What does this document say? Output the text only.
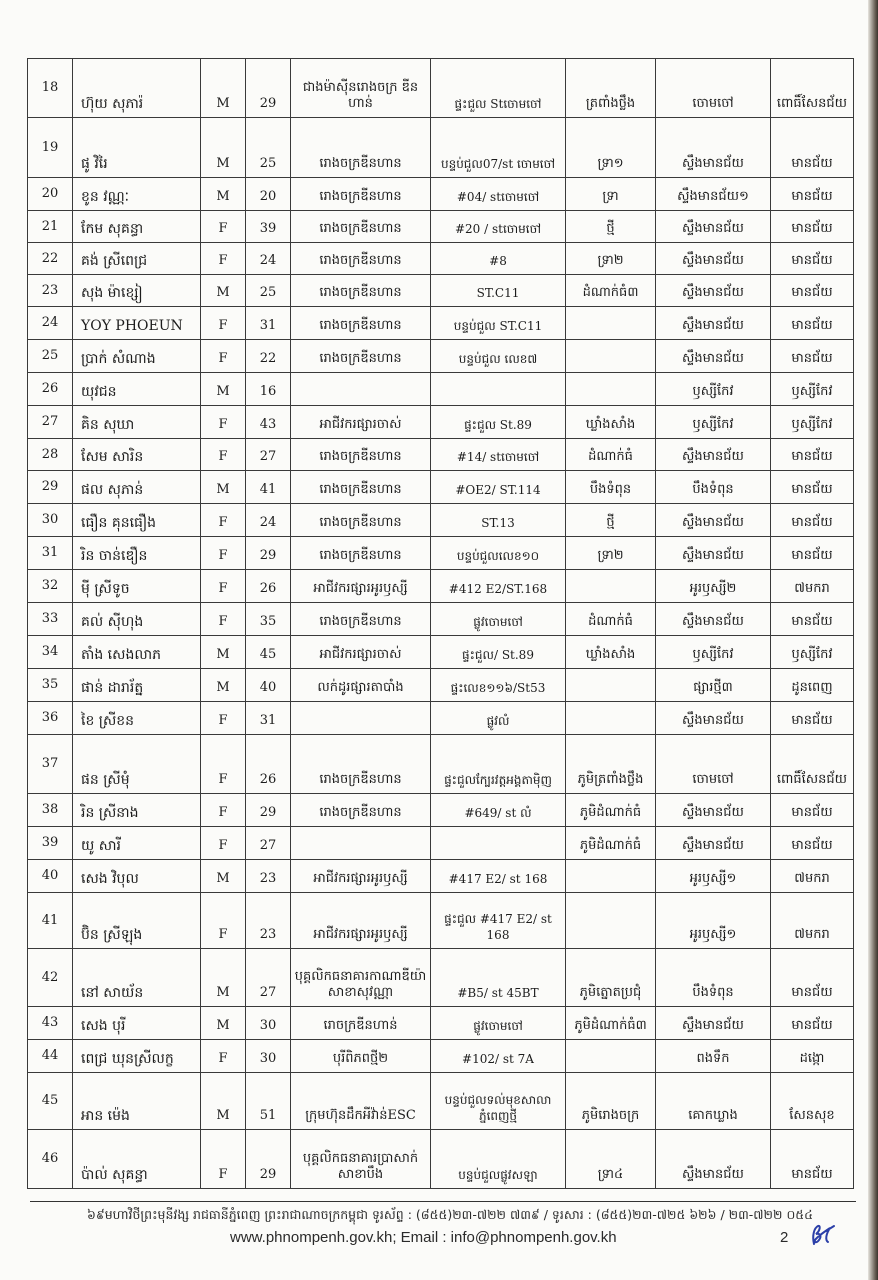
18	ហ៊ុយ សុភារ៉	M	29	ជាងម៉ាស៊ីនរោងចក្រ ឌីនហាន់	ផ្ទះជួល Stចោមចៅ	ត្រពាំងថ្លឹង	ចោមចៅ	ពោធិ៍សែនជ័យ
19	ផូ វិរៃ	M	25	រោងចក្រឌីនហាន	បន្ទប់ជួល07/st ចោមចៅ	ទ្រា១	ស្ទឹងមានជ័យ	មានជ័យ
20	ខូន វណ្ណៈ	M	20	រោងចក្រឌីនហាន	#04/ stចោមចៅ	ទ្រា	ស្ទឹងមានជ័យ១	មានជ័យ
21	កែម សុគន្ធា	F	39	រោងចក្រឌីនហាន	#20 / stចោមចៅ	ថ្មី	ស្ទឹងមានជ័យ	មានជ័យ
22	គង់ ស្រីពេជ្រ	F	24	រោងចក្រឌីនហាន	#8	ទ្រា២	ស្ទឹងមានជ័យ	មានជ័យ
23	សុង ម៉ាខ្សៀ	M	25	រោងចក្រឌីនហាន	ST.C11	ដំណាក់ធំ៣	ស្ទឹងមានជ័យ	មានជ័យ
24	YOY PHOEUN	F	31	រោងចក្រឌីនហាន	បន្ទប់ជួល ST.C11		ស្ទឹងមានជ័យ	មានជ័យ
25	ប្រាក់ សំណាង	F	22	រោងចក្រឌីនហាន	បន្ទប់ជួល លេខ៧		ស្ទឹងមានជ័យ	មានជ័យ
26	យុវជន	M	16				ឫស្សីកែវ	ឫស្សីកែវ
27	គិន សុឃា	F	43	អាជីវករផ្សារចាស់	ផ្ទះជួល St.89	ឃ្លាំងសាំង	ឫស្សីកែវ	ឫស្សីកែវ
28	សែម សារិន	F	27	រោងចក្រឌីនហាន	#14/ stចោមចៅ	ដំណាក់ធំ	ស្ទឹងមានជ័យ	មានជ័យ
29	ផល សុភាន់	M	41	រោងចក្រឌីនហាន	#OE2/ ST.114	បឹងទំពុន	បឹងទំពុន	មានជ័យ
30	ធឿន គុនធឿង	F	24	រោងចក្រឌីនហាន	ST.13	ថ្មី	ស្ទឹងមានជ័យ	មានជ័យ
31	រិន ចាន់ឌឿន	F	29	រោងចក្រឌីនហាន	បន្ទប់ជួលលេខ១០	ទ្រា២	ស្ទឹងមានជ័យ	មានជ័យ
32	ម៉ី ស្រីទូច	F	26	អាជីវករផ្សារអូរឫស្សី	#412 E2/ST.168		អូរឫស្សី២	៧មករា
33	គល់ ស៊ីហុង	F	35	រោងចក្រឌីនហាន	ផ្លូវចោមចៅ	ដំណាក់ធំ	ស្ទឹងមានជ័យ	មានជ័យ
34	តាំង សេងលាភ	M	45	អាជីវករផ្សារចាស់	ផ្ទះជួល/ St.89	ឃ្លាំងសាំង	ឫស្សីកែវ	ឫស្សីកែវ
35	ផាន់ ដារារ័ត្ន	M	40	លក់ដូរផ្សារតាបាំង	ផ្ទះលេខ១១៦/St53		ផ្សារថ្មី៣	ដូនពេញ
36	ខៃ ស្រីខន	F	31		ផ្លូវលំ		ស្ទឹងមានជ័យ	មានជ័យ
37	ផន ស្រីមុំ	F	26	រោងចក្រឌីនហាន	ផ្ទះជួលក្បែរវត្តអង្គតាម៉ិញ	ភូមិត្រពាំងថ្លឹង	ចោមចៅ	ពោធិ៍សែនជ័យ
38	រិន ស្រីនាង	F	29	រោងចក្រឌីនហាន	#649/ st លំ	ភូមិដំណាក់ធំ	ស្ទឹងមានជ័យ	មានជ័យ
39	យូ សារី	F	27			ភូមិដំណាក់ធំ	ស្ទឹងមានជ័យ	មានជ័យ
40	សេង វិបុល	M	23	អាជីវករផ្សារអូរឫស្សី	#417 E2/ st 168		អូរឫស្សី១	៧មករា
41	ប៊ិន ស្រីឡុង	F	23	អាជីវករផ្សារអូរឫស្សី	ផ្ទះជួល #417 E2/ st 168		អូរឫស្សី១	៧មករា
42	នៅ សាយ័ន	M	27	បុគ្គលិកធនាគារកាណាឌីយ៉ា សាខាសុវណ្ណា	#B5/ st 45BT	ភូមិត្នោតប្រជុំ	បឹងទំពុន	មានជ័យ
43	សេង បុរី	M	30	រោចក្រឌីនហាន់	ផ្លូវចោមចៅ	ភូមិដំណាក់ធំ៣	ស្ទឹងមានជ័យ	មានជ័យ
44	ពេជ្រ ឃុនស្រីលក្ខ	F	30	បុរីពិភពថ្មី២	#102/ st 7A		ពងទឹក	ដង្កោ
45	អាន ម៉េង	M	51	ក្រុមហ៊ុនដឹកអីវ៉ាន់ESC	បន្ទប់ជួលទល់មុខសាលាភ្នំពេញថ្មី	ភូមិរោងចក្រ	គោកឃ្លាង	សែនសុខ
46	ប៉ាល់ សុគន្ធា	F	29	បុគ្គលិកធនាគារប្រាសាក់ សាខាបឹង	បន្ទប់ជួលផ្លូវសឡា	ទ្រា៤	ស្ទឹងមានជ័យ	មានជ័យ
៦៩មហាវិថីព្រះមុនីវង្ស រាជធានីភ្នំពេញ ព្រះរាជាណាចក្រកម្ពុជា ទូរស័ព្ទ : (៨៥៥)២៣-៧២២ ៧៣៩ / ទូរសារ : (៨៥៥)២៣-៧២៥ ៦២៦ / ២៣-៧២២ ០៥៤
www.phnompenh.gov.kh; Email : info@phnompenh.gov.kh	2
